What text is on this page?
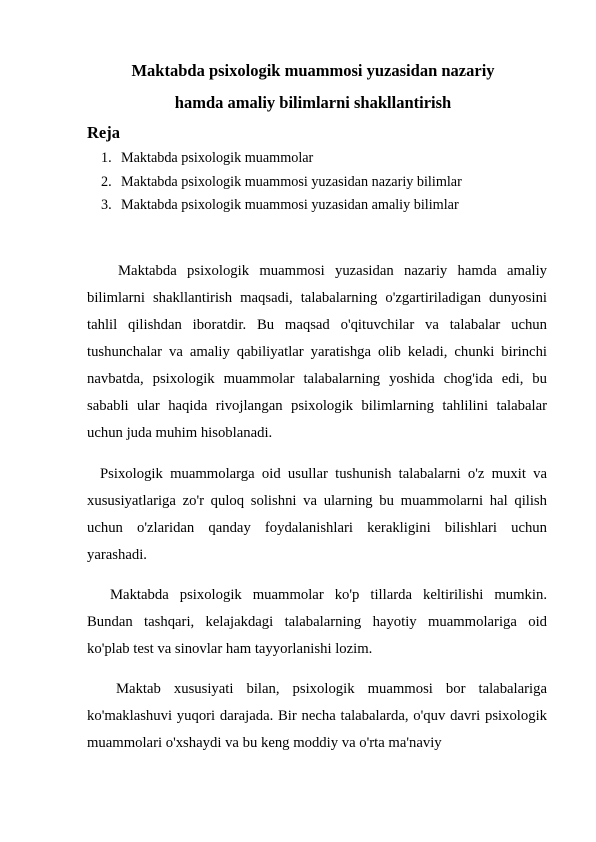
Maktabda psixologik muammosi yuzasidan nazariy
hamda amaliy bilimlarni shakllantirish
Reja
1. Maktabda psixologik muammolar
2. Maktabda psixologik muammosi yuzasidan nazariy bilimlar
3. Maktabda psixologik muammosi yuzasidan amaliy bilimlar

Maktabda psixologik muammosi yuzasidan nazariy hamda amaliy bilimlarni shakllantirish maqsadi, talabalarning o'zgartiriladigan dunyosini tahlil qilishdan iboratdir. Bu maqsad o'qituvchilar va talabalar uchun tushunchalar va amaliy qabiliyatlar yaratishga olib keladi, chunki birinchi navbatda, psixologik muammolar talabalarning yoshida chog'ida edi, bu sababli ular haqida rivojlangan psixologik bilimlarning tahlilini talabalar uchun juda muhim hisoblanadi.

Psixologik muammolarga oid usullar tushunish talabalarni o'z muxit va xususiyatlariga zo'r quloq solishni va ularning bu muammolarni hal qilish uchun o'zlaridan qanday foydalanishlari kerakligini bilishlari uchun yarashadi.

Maktabda psixologik muammolar ko'p tillarda keltirilishi mumkin. Bundan tashqari, kelajakdagi talabalarning hayotiy muammolariga oid ko'plab test va sinovlar ham tayyorlanishi lozim.

Maktab xususiyati bilan, psixologik muammosi bor talabalariga ko'maklashuvi yuqori darajada. Bir necha talabalarda, o'quv davri psixologik muammolari o'xshaydi va bu keng moddiy va o'rta ma'naviy
